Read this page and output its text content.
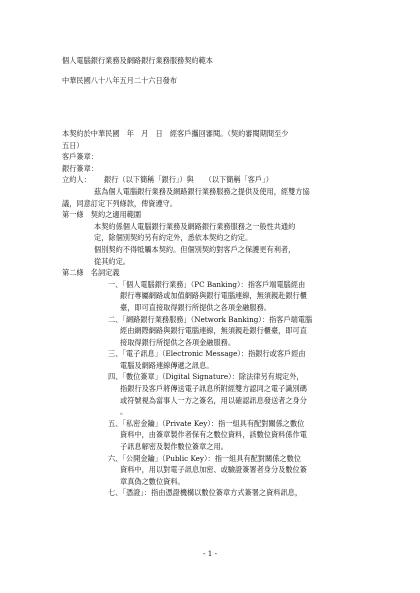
個人電腦銀行業務及網路銀行業務服務契約範本
中華民國八十八年五月二十六日發布
本契約於中華民國　年　月　日　經客戶攜回審閱。（契約審閱期間至少
五日）
客戶簽章：
銀行簽章：
立約人： 銀行（以下簡稱「銀行」）與　　（以下簡稱「客戶」）
茲為個人電腦銀行業務及網路銀行業務服務之提供及使用，經雙方協
議，同意訂定下列條款，俾資遵守。
第一條　契約之適用範圍
本契約係個人電腦銀行業務及網路銀行業務服務之一般性共通約
定，除個別契約另有約定外，悉依本契約之約定。
個別契約不得牴觸本契約。但個別契約對客戶之保護更有利者，
從其約定。
第二條　名詞定義
一、「個人電腦銀行業務」（PC Banking）：指客戶端電腦經由
銀行專屬網路或加值網路與銀行電腦連線，無須親赴銀行櫃
臺，即可直接取得銀行所提供之各項金融服務。
二、「網路銀行業務服務」（Network Banking）：指客戶端電腦
經由網際網路與銀行電腦連線，無須親赴銀行櫃臺，即可直
接取得銀行所提供之各項金融服務。
三、「電子訊息」（Electronic Message）：指銀行或客戶經由
電腦及網路連線傳遞之訊息。
四、「數位簽章」（Digital Signature）：除法律另有規定外，
指銀行及客戶將傳送電子訊息所附經雙方認同之電子識別碼
或符號視為當事人一方之簽名，用以確認訊息發送者之身分
。
五、「私密金鑰」（Private Key）：指一組具有配對關係之數位
資料中，由簽章製作者保有之數位資料，該數位資料係作電
子訊息解密及製作數位簽章之用。
六、「公開金鑰」（Public Key）：指一組具有配對關係之數位
資料中，用以對電子訊息加密、或驗證簽署者身分及數位簽
章真偽之數位資料。
七、「憑證」：指由憑證機構以數位簽章方式簽署之資料訊息，
- 1 -
